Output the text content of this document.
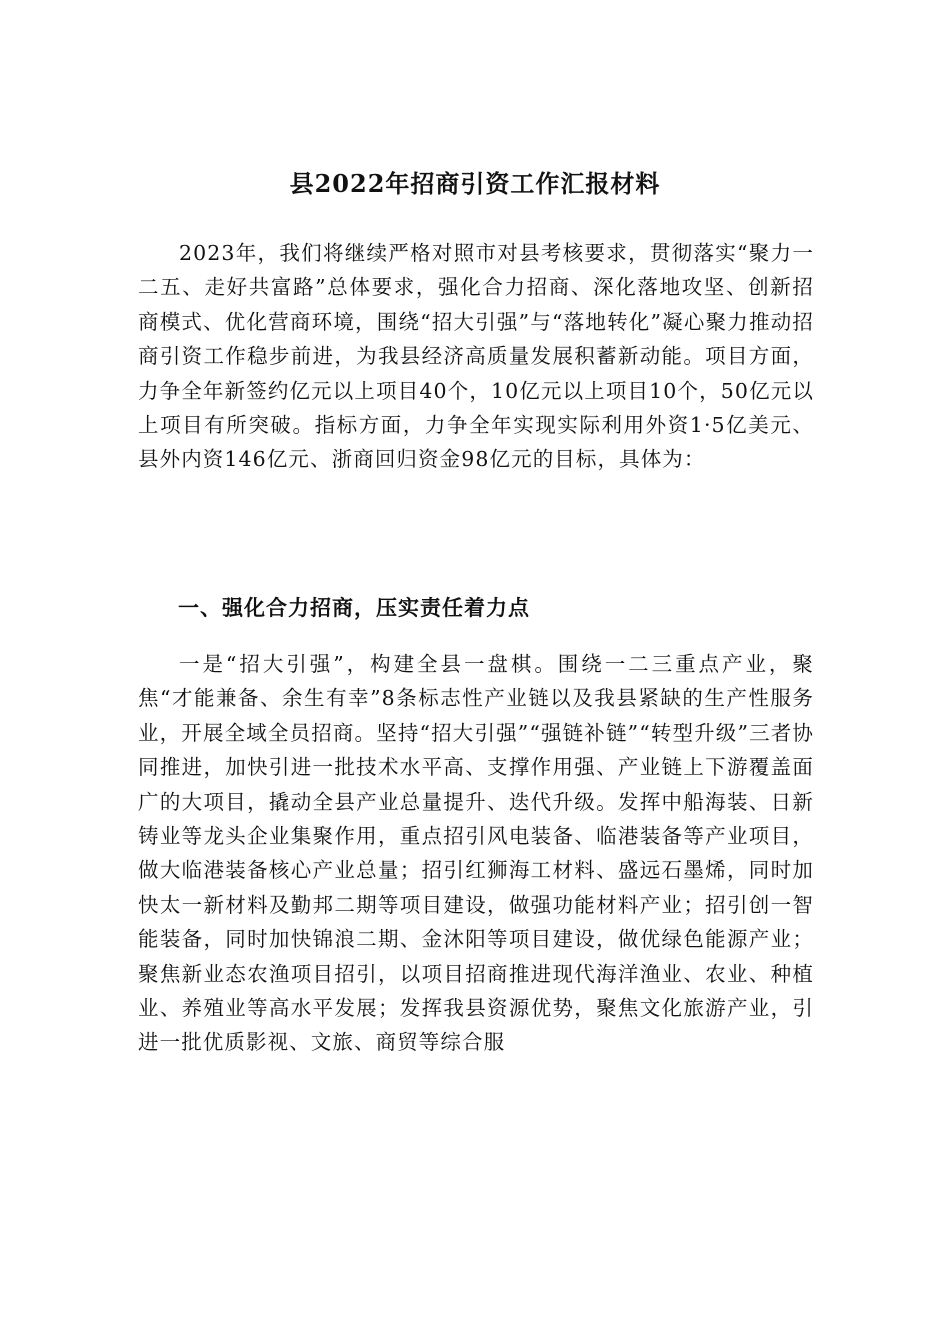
县2022年招商引资工作汇报材料

2023年，我们将继续严格对照市对县考核要求，贯彻落实“聚力一二五、走好共富路”总体要求，强化合力招商、深化落地攻坚、创新招商模式、优化营商环境，围绕“招大引强”与“落地转化”凝心聚力推动招商引资工作稳步前进，为我县经济高质量发展积蓄新动能。项目方面，力争全年新签约亿元以上项目40个，10亿元以上项目10个，50亿元以上项目有所突破。指标方面，力争全年实现实际利用外资1·5亿美元、县外内资146亿元、浙商回归资金98亿元的目标，具体为：

一、强化合力招商，压实责任着力点

一是“招大引强”，构建全县一盘棋。围绕一二三重点产业，聚焦“才能兼备、余生有幸”8条标志性产业链以及我县紧缺的生产性服务业，开展全域全员招商。坚持“招大引强”“强链补链”“转型升级”三者协同推进，加快引进一批技术水平高、支撑作用强、产业链上下游覆盖面广的大项目，撬动全县产业总量提升、迭代升级。发挥中船海装、日新铸业等龙头企业集聚作用，重点招引风电装备、临港装备等产业项目，做大临港装备核心产业总量；招引红狮海工材料、盛远石墨烯，同时加快太一新材料及勤邦二期等项目建设，做强功能材料产业；招引创一智能装备，同时加快锦浪二期、金沐阳等项目建设，做优绿色能源产业；聚焦新业态农渔项目招引，以项目招商推进现代海洋渔业、农业、种植业、养殖业等高水平发展；发挥我县资源优势，聚焦文化旅游产业，引进一批优质影视、文旅、商贸等综合服
